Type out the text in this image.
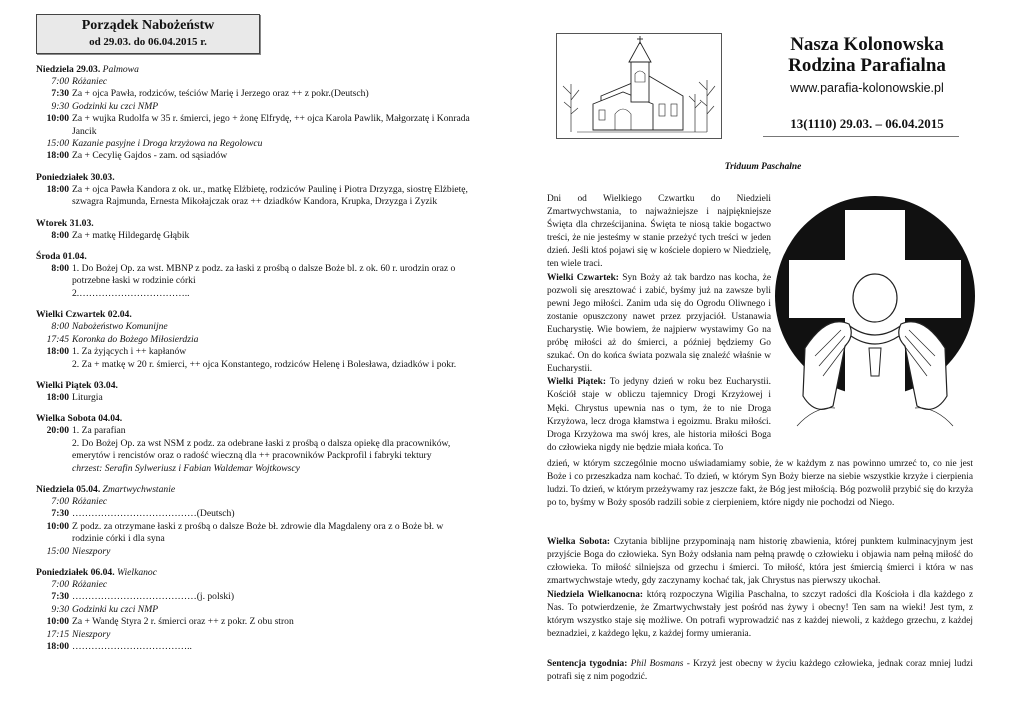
Porządek Nabożeństw
od 29.03. do 06.04.2015 r.
Niedziela 29.03. Palmowa
7:00 Różaniec
7:30 Za + ojca Pawła, rodziców, teściów Marię i Jerzego oraz ++ z pokr.(Deutsch)
9:30 Godzinki ku czci NMP
10:00 Za + wujka Rudolfa w 35 r. śmierci, jego + żonę Elfrydę, ++ ojca Karola Pawlik, Małgorzatę i Konrada Jancik
15:00 Kazanie pasyjne i Droga krzyżowa na Regolowcu
18:00 Za + Cecylię Gajdos - zam. od sąsiadów
Poniedziałek 30.03.
18:00 Za + ojca Pawła Kandora z ok. ur., matkę Elżbietę, rodziców Paulinę i Piotra Drzyzga, siostrę Elżbietę, szwagra Rajmunda, Ernesta Mikołajczak oraz ++ dziadków Kandora, Krupka, Drzyzga i Zyzik
Wtorek 31.03.
8:00 Za + matkę Hildegardę Głąbik
Środa 01.04.
8:00 1. Do Bożej Op. za wst. MBNP z podz. za łaski z prośbą o dalsze Boże bl. z ok. 60 r. urodzin oraz o potrzebne łaski w rodzinie córki
2.……………………………..
Wielki Czwartek 02.04.
8:00 Nabożeństwo Komunijne
17:45 Koronka do Bożego Miłosierdzia
18:00 1. Za żyjących i ++ kapłanów
2. Za + matkę w 20 r. śmierci, ++ ojca Konstantego, rodziców Helenę i Bolesława, dziadków i pokr.
Wielki Piątek 03.04.
18:00 Liturgia
Wielka Sobota 04.04.
20:00 1. Za parafian
2. Do Bożej Op. za wst NSM z podz. za odebrane łaski z prośbą o dalsza opiekę dla pracowników, emerytów i rencistów oraz o radość wieczną dla ++ pracowników Packprofil i fabryki tektury
chrzest: Serafin Sylweriusz i Fabian Waldemar Wojtkowscy
Niedziela 05.04. Zmartwychwstanie
7:00 Różaniec
7:30 …………………………………(Deutsch)
10:00 Z podz. za otrzymane łaski z prośbą o dalsze Boże bł. zdrowie dla Magdaleny ora z o Boże bł. w rodzinie córki i dla syna
15:00 Nieszpory
Poniedziałek 06.04. Wielkanoc
7:00 Różaniec
7:30 …………………………………(j. polski)
9:30 Godzinki ku czci NMP
10:00 Za + Wandę Styra 2 r. śmierci oraz ++ z pokr. Z obu stron
17:15 Nieszpory
18:00 ………………………………..
Nasza Kolonowska
Rodzina Parafialna
www.parafia-kolonowskie.pl
13(1110) 29.03. – 06.04.2015
Triduum Paschalne

Dni od Wielkiego Czwartku do Niedzieli Zmartwychwstania, to najważniejsze i najpiękniejsze Święta dla chrześcijanina. Święta te niosą takie bogactwo treści, że nie jesteśmy w stanie przeżyć tych treści w jeden dzień. Jeśli ktoś pojawi się w kościele dopiero w Niedzielę, ten wiele traci.

Wielki Czwartek: Syn Boży aż tak bardzo nas kocha, że pozwoli się aresztować i zabić, byśmy już na zawsze byli pewni Jego miłości. Zanim uda się do Ogrodu Oliwnego i zostanie opuszczony nawet przez przyjaciół. Ustanawia Eucharystię. Wie bowiem, że najpierw wystawimy Go na próbę miłości aż do śmierci, a później będziemy Go szukać. On do końca świata pozwala się znaleźć właśnie w Eucharystii.

Wielki Piątek: To jedyny dzień w roku bez Eucharystii. Kościół staje w obliczu tajemnicy Drogi Krzyżowej i Męki. Chrystus upewnia nas o tym, że to nie Droga Krzyżowa, lecz droga kłamstwa i egoizmu. Braku miłości. Droga Krzyżowa ma swój kres, ale historia miłości Boga do człowieka nigdy nie będzie miała końca. To

dzień, w którym szczególnie mocno uświadamiamy sobie, że w każdym z nas powinno umrzeć to, co nie jest Boże i co przeszkadza nam kochać. To dzień, w którym Syn Boży bierze na siebie wszystkie krzyże i cierpienia ludzi. To dzień, w którym przeżywamy raz jeszcze fakt, że Bóg jest miłością. Bóg pozwolił przybić się do krzyża po to, byśmy w Boży sposób radzili sobie z cierpieniem, które nigdy nie pochodzi od Niego.
Wielka Sobota: Czytania biblijne przypominają nam historię zbawienia, której punktem kulminacyjnym jest przyjście Boga do człowieka. Syn Boży odsłania nam pełną prawdę o człowieku i objawia nam pełną miłość do człowieka. To miłość silniejsza od grzechu i śmierci. To miłość, która jest śmiercią śmierci i która w nas zmartwychwstaje wtedy, gdy zaczynamy kochać tak, jak Chrystus nas pierwszy ukochał.
Niedziela Wielkanocna: którą rozpoczyna Wigilia Paschalna, to szczyt radości dla Kościoła i dla każdego z Nas. To potwierdzenie, że Zmartwychwstały jest pośród nas żywy i obecny! Ten sam na wieki! Jest tym, z którym wszystko staje się możliwe. On potrafi wyprowadzić nas z każdej niewoli, z każdego grzechu, z każdej beznadziei, z każdego lęku, z każdej formy umierania.
Sentencja tygodnia: Phil Bosmans - Krzyż jest obecny w życiu każdego człowieka, jednak coraz mniej ludzi potrafi się z nim pogodzić.
